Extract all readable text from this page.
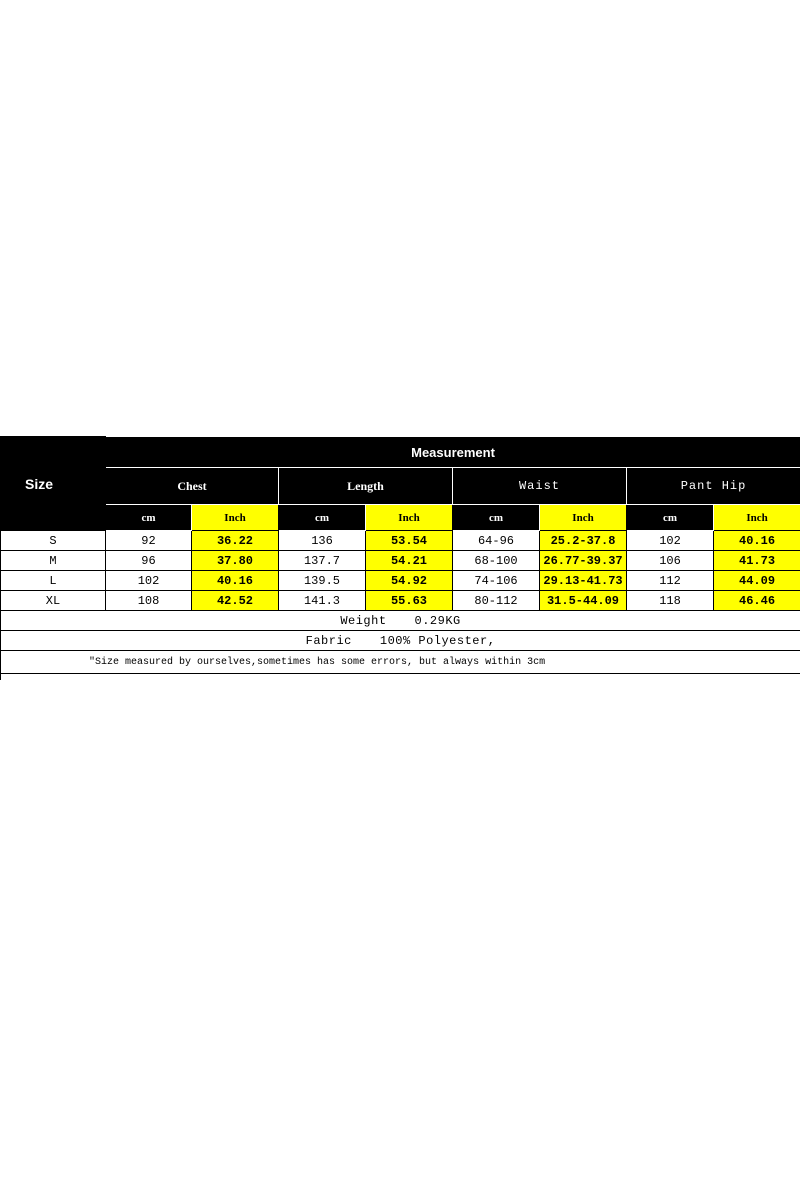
Size	Measurement							
	Chest		Length		Waist		Pant Hip	
	cm	Inch	cm	Inch	cm	Inch	cm	Inch
S	92	36.22	136	53.54	64-96	25.2-37.8	102	40.16
M	96	37.80	137.7	54.21	68-100	26.77-39.37	106	41.73
L	102	40.16	139.5	54.92	74-106	29.13-41.73	112	44.09
XL	108	42.52	141.3	55.63	80-112	31.5-44.09	118	46.46
Weight 0.29KG								
Fabric 100% Polyester,								
"Size measured by ourselves,sometimes has some errors, but always within 3cm								
